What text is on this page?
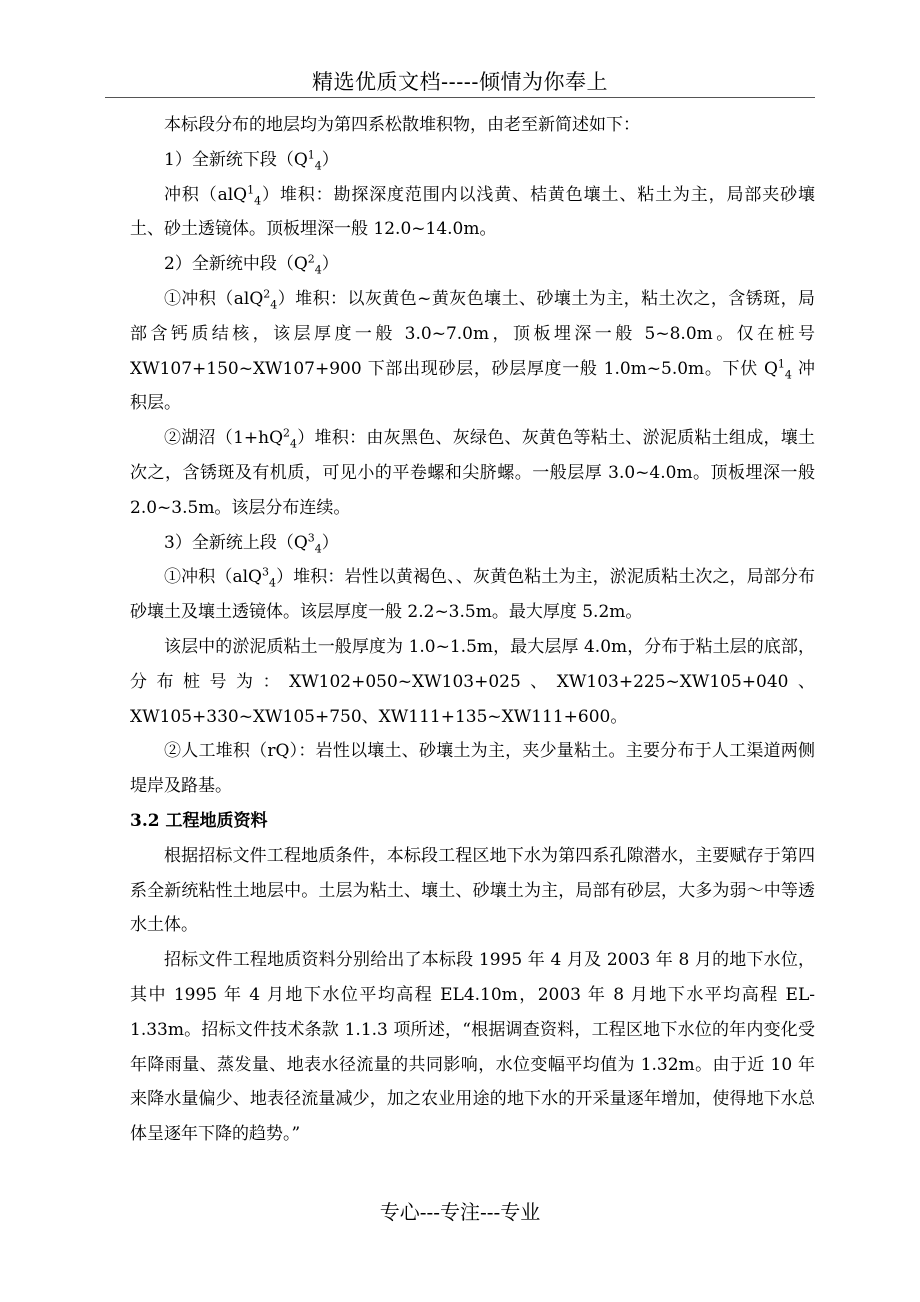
精选优质文档-----倾情为你奉上

本标段分布的地层均为第四系松散堆积物，由老至新简述如下：

1）全新统下段$(Q^1_4)$

冲积（alQ$^1_4$）堆积：勘探深度范围内以浅黄、桔黄色壤土、粘土为主，局部夹砂壤土、砂土透镜体。顶板埋深一般 12.0~14.0m。

2）全新统中段$(Q^2_4)$

①冲积（alQ$^2_4$）堆积：以灰黄色~黄灰色壤土、砂壤土为主，粘土次之，含锈斑，局部含钙质结核，该层厚度一般 3.0~7.0m，顶板埋深一般 5~8.0m。仅在桩号 XW107+150~XW107+900 下部出现砂层，砂层厚度一般 1.0m~5.0m。下伏 $Q^1_4$ 冲积层。

②湖沼$(1+hQ^2_4)$堆积：由灰黑色、灰绿色、灰黄色等粘土、淤泥质粘土组成，壤土次之，含锈斑及有机质，可见小的平卷螺和尖脐螺。一般层厚 3.0~4.0m。顶板埋深一般 2.0~3.5m。该层分布连续。

3）全新统上段$(Q^3_4)$

①冲积（alQ$^3_4$）堆积：岩性以黄褐色、、灰黄色粘土为主，淤泥质粘土次之，局部分布砂壤土及壤土透镜体。该层厚度一般 2.2~3.5m。最大厚度 5.2m。

该层中的淤泥质粘土一般厚度为 1.0~1.5m，最大层厚 4.0m，分布于粘土层的底部，分布桩号为：XW102+050~XW103+025、XW103+225~XW105+040、XW105+330~XW105+750、XW111+135~XW111+600。

②人工堆积（rQ）：岩性以壤土、砂壤土为主，夹少量粘土。主要分布于人工渠道两侧堤岸及路基。

3.2 工程地质资料

根据招标文件工程地质条件，本标段工程区地下水为第四系孔隙潜水，主要赋存于第四系全新统粘性土地层中。土层为粘土、壤土、砂壤土为主，局部有砂层，大多为弱～中等透水土体。

招标文件工程地质资料分别给出了本标段 1995 年 4 月及 2003 年 8 月的地下水位，其中 1995 年 4 月地下水位平均高程 EL4.10m，2003 年 8 月地下水平均高程 EL-1.33m。招标文件技术条款 1.1.3 项所述，“根据调查资料，工程区地下水位的年内变化受年降雨量、蒸发量、地表水径流量的共同影响，水位变幅平均值为 1.32m。由于近 10 年来降水量偏少、地表径流量减少，加之农业用途的地下水的开采量逐年增加，使得地下水总体呈逐年下降的趋势。”

专心---专注---专业
